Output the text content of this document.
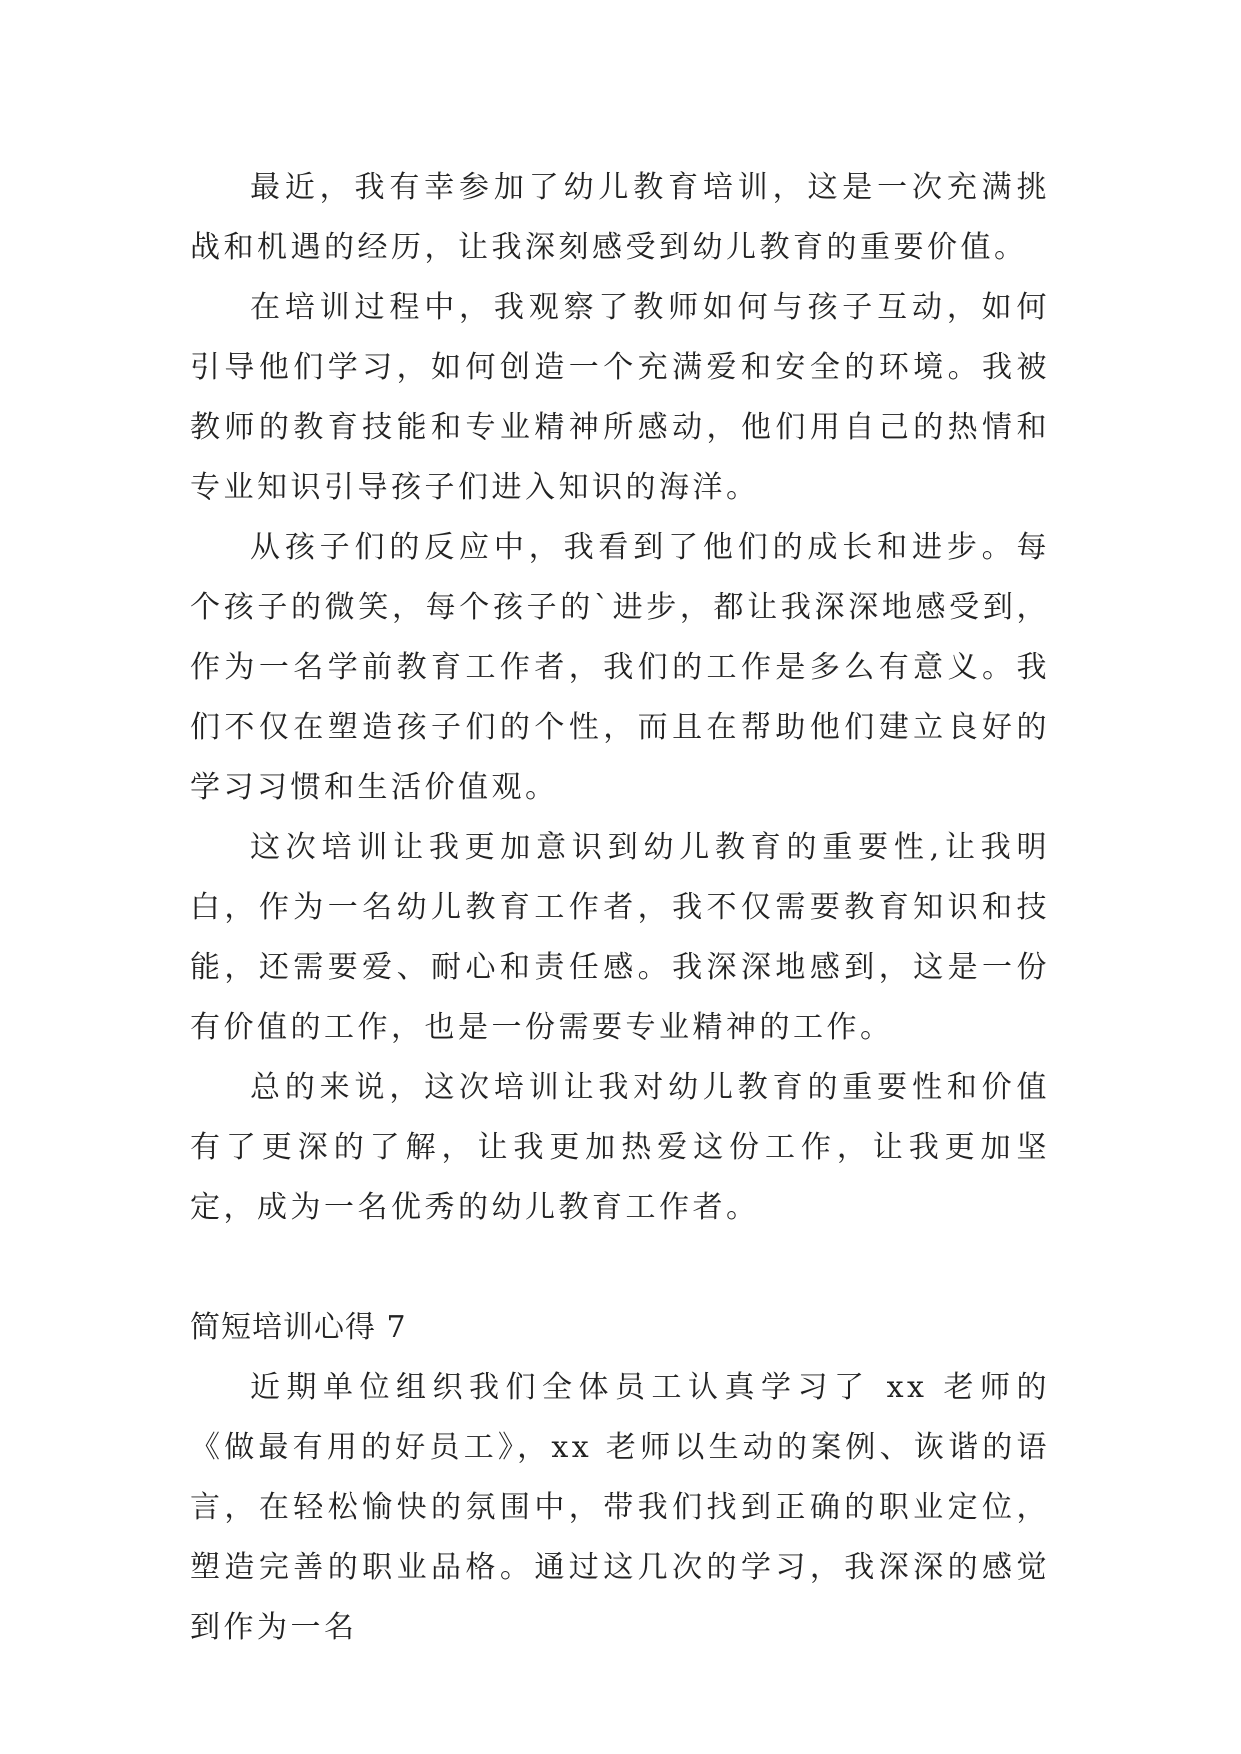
最近，我有幸参加了幼儿教育培训，这是一次充满挑战和机遇的经历，让我深刻感受到幼儿教育的重要价值。

在培训过程中，我观察了教师如何与孩子互动，如何引导他们学习，如何创造一个充满爱和安全的环境。我被教师的教育技能和专业精神所感动，他们用自己的热情和专业知识引导孩子们进入知识的海洋。

从孩子们的反应中，我看到了他们的成长和进步。每个孩子的微笑，每个孩子的`进步，都让我深深地感受到，作为一名学前教育工作者，我们的工作是多么有意义。我们不仅在塑造孩子们的个性，而且在帮助他们建立良好的学习习惯和生活价值观。

这次培训让我更加意识到幼儿教育的重要性,让我明白，作为一名幼儿教育工作者，我不仅需要教育知识和技能，还需要爱、耐心和责任感。我深深地感到，这是一份有价值的工作，也是一份需要专业精神的工作。

总的来说，这次培训让我对幼儿教育的重要性和价值有了更深的了解，让我更加热爱这份工作，让我更加坚定，成为一名优秀的幼儿教育工作者。

简短培训心得 7

近期单位组织我们全体员工认真学习了 xx 老师的《做最有用的好员工》，xx 老师以生动的案例、诙谐的语言，在轻松愉快的氛围中，带我们找到正确的职业定位，塑造完善的职业品格。通过这几次的学习，我深深的感觉到作为一名
